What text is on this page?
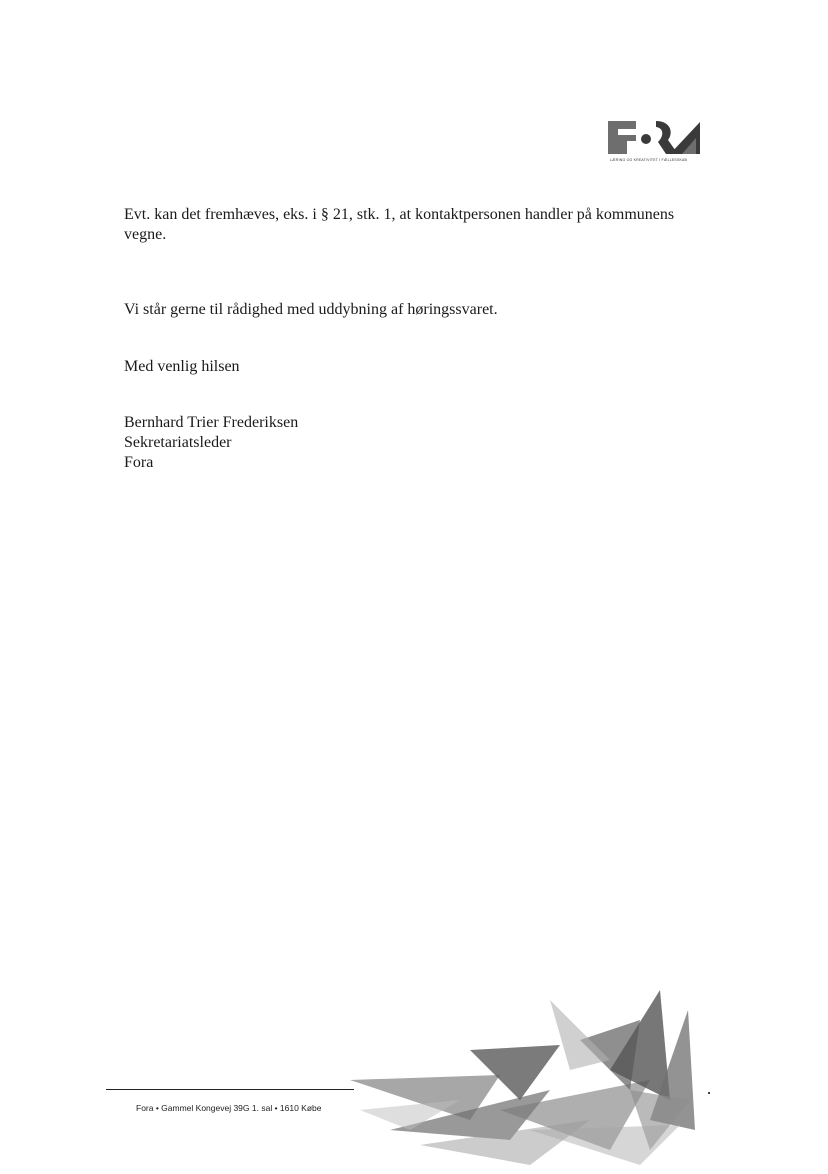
LÆRING OG KREATIVITET I FÆLLESSKAB
Evt. kan det fremhæves, eks. i § 21, stk. 1, at kontaktpersonen handler på kommunens vegne.
Vi står gerne til rådighed med uddybning af høringssvaret.
Med venlig hilsen
Bernhard Trier Frederiksen
Sekretariatsleder
Fora
Fora • Gammel Kongevej 39G 1. sal • 1610 Købe
